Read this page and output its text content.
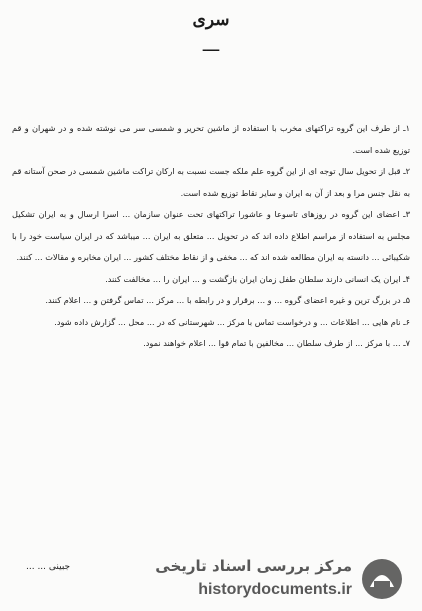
سری
ــــ

۱ـ از طرف این گروه تراکتهای مخرب با استفاده از ماشین تحریر و شمسی سر می نوشته شده و در شهران و قم توزیع شده است.

۲ـ قبل از تحویل سال توجه ای از این گروه علم ملکه جست نسبت به ارکان تراکت ماشین شمسی در صحن آستانه قم به نقل جنس مرا و بعد از آن به ایران و سایر نقاط توزیع شده است.

۳ـ اعضای این گروه در روزهای تاسوعا و عاشورا تراکتهای تحت عنوان سازمان ... اسرا ارسال و به ایران تشکیل مجلس به استفاده از مراسم اطلاع داده اند که در تحویل ... متعلق به ایران ... میباشد که در ایران سیاست خود را با شکیبائی ... دانسته به ایران مطالعه شده اند که ... مخفی و از نقاط مختلف کشور ... ایران مخابره و مقالات ... کنند.

۴ـ ایران یک انسانی دارند سلطان طفل زمان ایران بازگشت و ... ایران را ... مخالفت کنند.

۵ـ در بزرگ ترین و غیره اعضای گروه ... و ... برقرار و در رابطه با ... مرکز ... تماس گرفتن و ... اعلام کنند.

۶ـ نام هایی ... اطلاعات ... و درخواست تماس با مرکز ... شهرستانی که در ... محل ... گزارش داده شود.

۷ـ ... با مرکز ... از طرف سلطان ... مخالفین با تمام قوا ... اعلام خواهند نمود.

جبینی ... ...	مرکز بررسی اسناد تاریخی
historydocuments.ir
